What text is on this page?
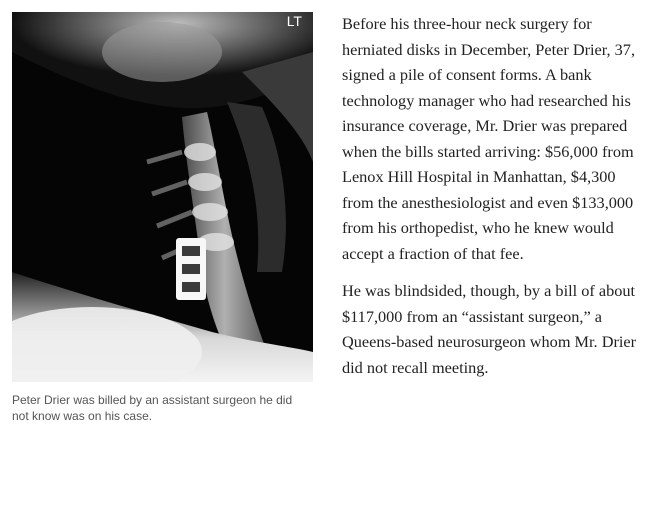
LT
Peter Drier was billed by an assistant surgeon he did not know was on his case.

Before his three-hour neck surgery for herniated disks in December, Peter Drier, 37, signed a pile of consent forms. A bank technology manager who had researched his insurance coverage, Mr. Drier was prepared when the bills started arriving: $56,000 from Lenox Hill Hospital in Manhattan, $4,300 from the anesthesiologist and even $133,000 from his orthopedist, who he knew would accept a fraction of that fee.

He was blindsided, though, by a bill of about $117,000 from an “assistant surgeon,” a Queens-based neurosurgeon whom Mr. Drier did not recall meeting.
